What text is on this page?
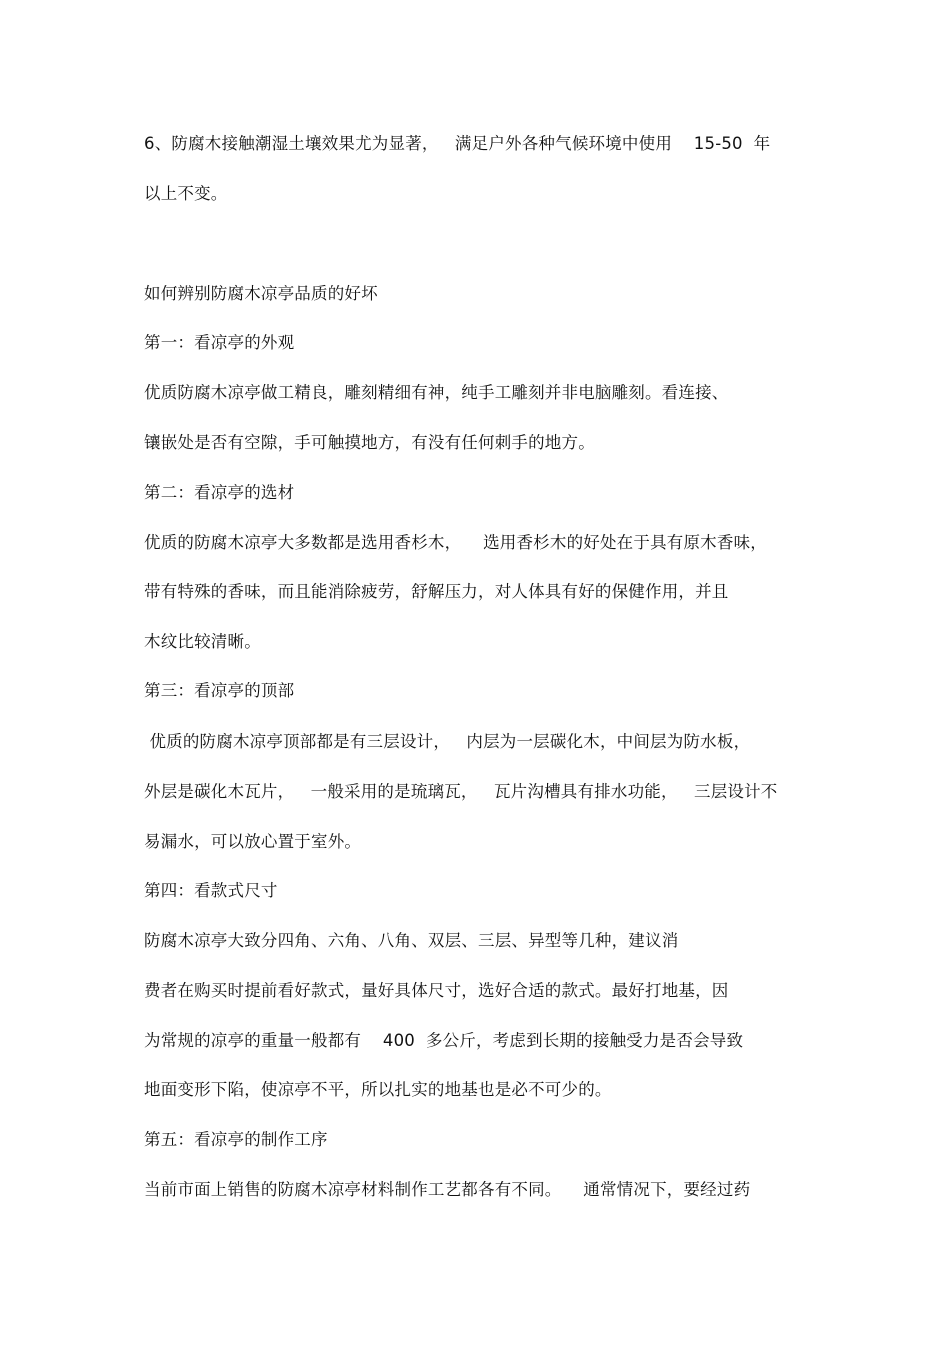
6、防腐木接触潮湿土壤效果尤为显著，   满足户外各种气候环境中使用    15-50  年

以上不变。

如何辨别防腐木凉亭品质的好坏

第一：看凉亭的外观

优质防腐木凉亭做工精良，雕刻精细有神，纯手工雕刻并非电脑雕刻。看连接、

镶嵌处是否有空隙，手可触摸地方，有没有任何刺手的地方。

第二：看凉亭的选材

优质的防腐木凉亭大多数都是选用香杉木，    选用香杉木的好处在于具有原木香味，

带有特殊的香味，而且能消除疲劳，舒解压力，对人体具有好的保健作用，并且

木纹比较清晰。

第三：看凉亭的顶部

优质的防腐木凉亭顶部都是有三层设计，   内层为一层碳化木，中间层为防水板，

外层是碳化木瓦片，   一般采用的是琉璃瓦，   瓦片沟槽具有排水功能，   三层设计不

易漏水，可以放心置于室外。

第四：看款式尺寸

防腐木凉亭大致分四角、六角、八角、双层、三层、异型等几种，建议消

费者在购买时提前看好款式，量好具体尺寸，选好合适的款式。最好打地基，因

为常规的凉亭的重量一般都有    400  多公斤，考虑到长期的接触受力是否会导致

地面变形下陷，使凉亭不平，所以扎实的地基也是必不可少的。

第五：看凉亭的制作工序

当前市面上销售的防腐木凉亭材料制作工艺都各有不同。    通常情况下，要经过药
